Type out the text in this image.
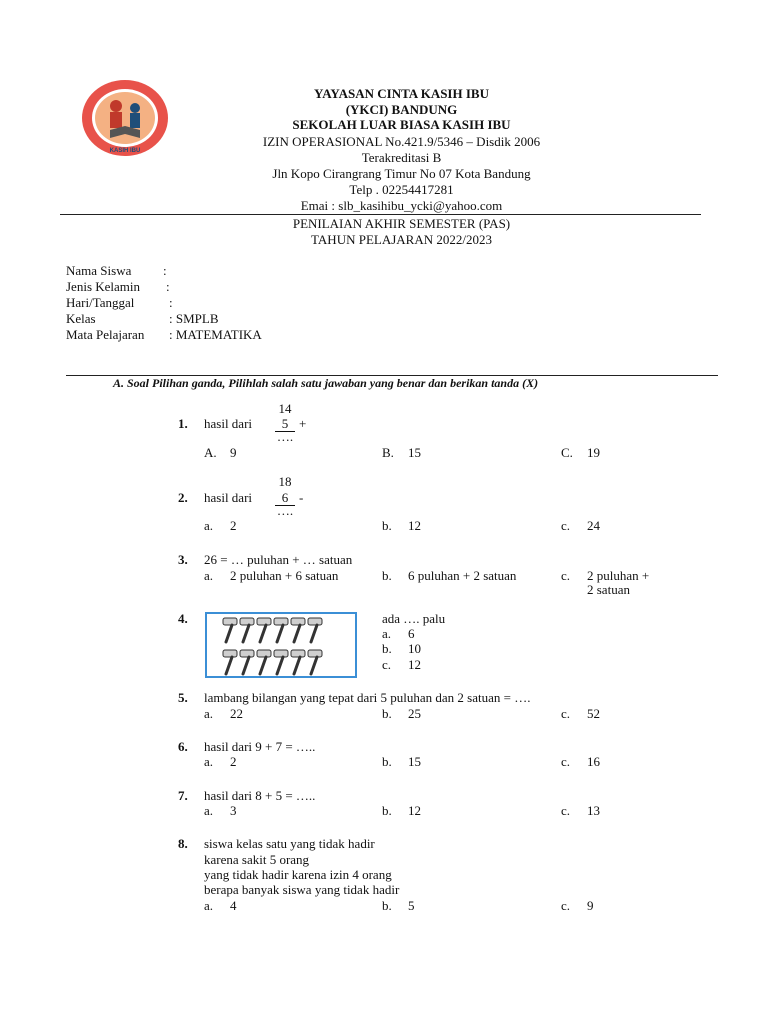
KASIH IBU
YAYASAN CINTA KASIH IBU
(YKCI) BANDUNG
SEKOLAH LUAR BIASA KASIH IBU
IZIN OPERASIONAL No.421.9/5346 – Disdik 2006
Terakreditasi B
Jln Kopo Cirangrang Timur No 07 Kota Bandung
Telp . 02254417281
Emai : slb_kasihibu_ycki@yahoo.com
PENILAIAN AKHIR SEMESTER (PAS)
TAHUN PELAJARAN 2022/2023
Nama Siswa :
Jenis Kelamin :
Hari/Tanggal	:
Kelas	: SMPLB
Mata Pelajaran : MATEMATIKA
A. Soal Pilihan ganda, Pilihlah salah satu jawaban yang benar dan berikan tanda (X)
14
1. hasil dari	5 +
….
A. 9	B. 15	C. 19
18
2. hasil dari	6 -
….
a. 2	b. 12	c. 24
3. 26 = … puluhan + … satuan
a. 2 puluhan + 6 satuan	b. 6 puluhan + 2 satuan	c. 2 puluhan +
2 satuan
4.	ada …. palu
a. 6
b. 10
c. 12
5. lambang bilangan yang tepat dari 5 puluhan dan 2 satuan = ….
a. 22	b. 25	c. 52
6. hasil dari 9 + 7 = …..
a. 2	b. 15	c. 16
7. hasil dari 8 + 5 = …..
a. 3	b. 12	c. 13
8. siswa kelas satu yang tidak hadir
karena sakit 5 orang
yang tidak hadir karena izin 4 orang
berapa banyak siswa yang tidak hadir
a. 4	b. 5	c. 9
